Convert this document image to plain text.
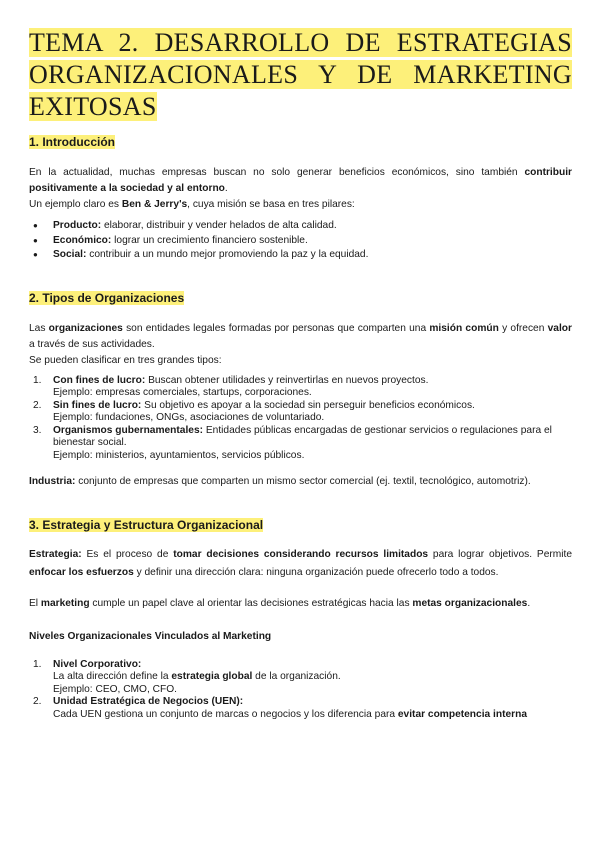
TEMA 2. DESARROLLO DE ESTRATEGIAS ORGANIZACIONALES Y DE MARKETING EXITOSAS
1. Introducción

En la actualidad, muchas empresas buscan no solo generar beneficios económicos, sino también contribuir positivamente a la sociedad y al entorno.

Un ejemplo claro es Ben & Jerry's, cuya misión se basa en tres pilares:

● Producto: elaborar, distribuir y vender helados de alta calidad.
● Económico: lograr un crecimiento financiero sostenible.
● Social: contribuir a un mundo mejor promoviendo la paz y la equidad.
2. Tipos de Organizaciones

Las organizaciones son entidades legales formadas por personas que comparten una misión común y ofrecen valor a través de sus actividades.

Se pueden clasificar en tres grandes tipos:

1. Con fines de lucro: Buscan obtener utilidades y reinvertirlas en nuevos proyectos.
Ejemplo: empresas comerciales, startups, corporaciones.
2. Sin fines de lucro: Su objetivo es apoyar a la sociedad sin perseguir beneficios económicos.
Ejemplo: fundaciones, ONGs, asociaciones de voluntariado.
3. Organismos gubernamentales: Entidades públicas encargadas de gestionar servicios o regulaciones para el bienestar social.
Ejemplo: ministerios, ayuntamientos, servicios públicos.

Industria: conjunto de empresas que comparten un mismo sector comercial (ej. textil, tecnológico, automotriz).

3. Estrategia y Estructura Organizacional

Estrategia: Es el proceso de tomar decisiones considerando recursos limitados para lograr objetivos. Permite enfocar los esfuerzos y definir una dirección clara: ninguna organización puede ofrecerlo todo a todos.

El marketing cumple un papel clave al orientar las decisiones estratégicas hacia las metas organizacionales.

Niveles Organizacionales Vinculados al Marketing

1. Nivel Corporativo:
La alta dirección define la estrategia global de la organización.
Ejemplo: CEO, CMO, CFO.
2. Unidad Estratégica de Negocios (UEN):
Cada UEN gestiona un conjunto de marcas o negocios y los diferencia para evitar competencia interna
